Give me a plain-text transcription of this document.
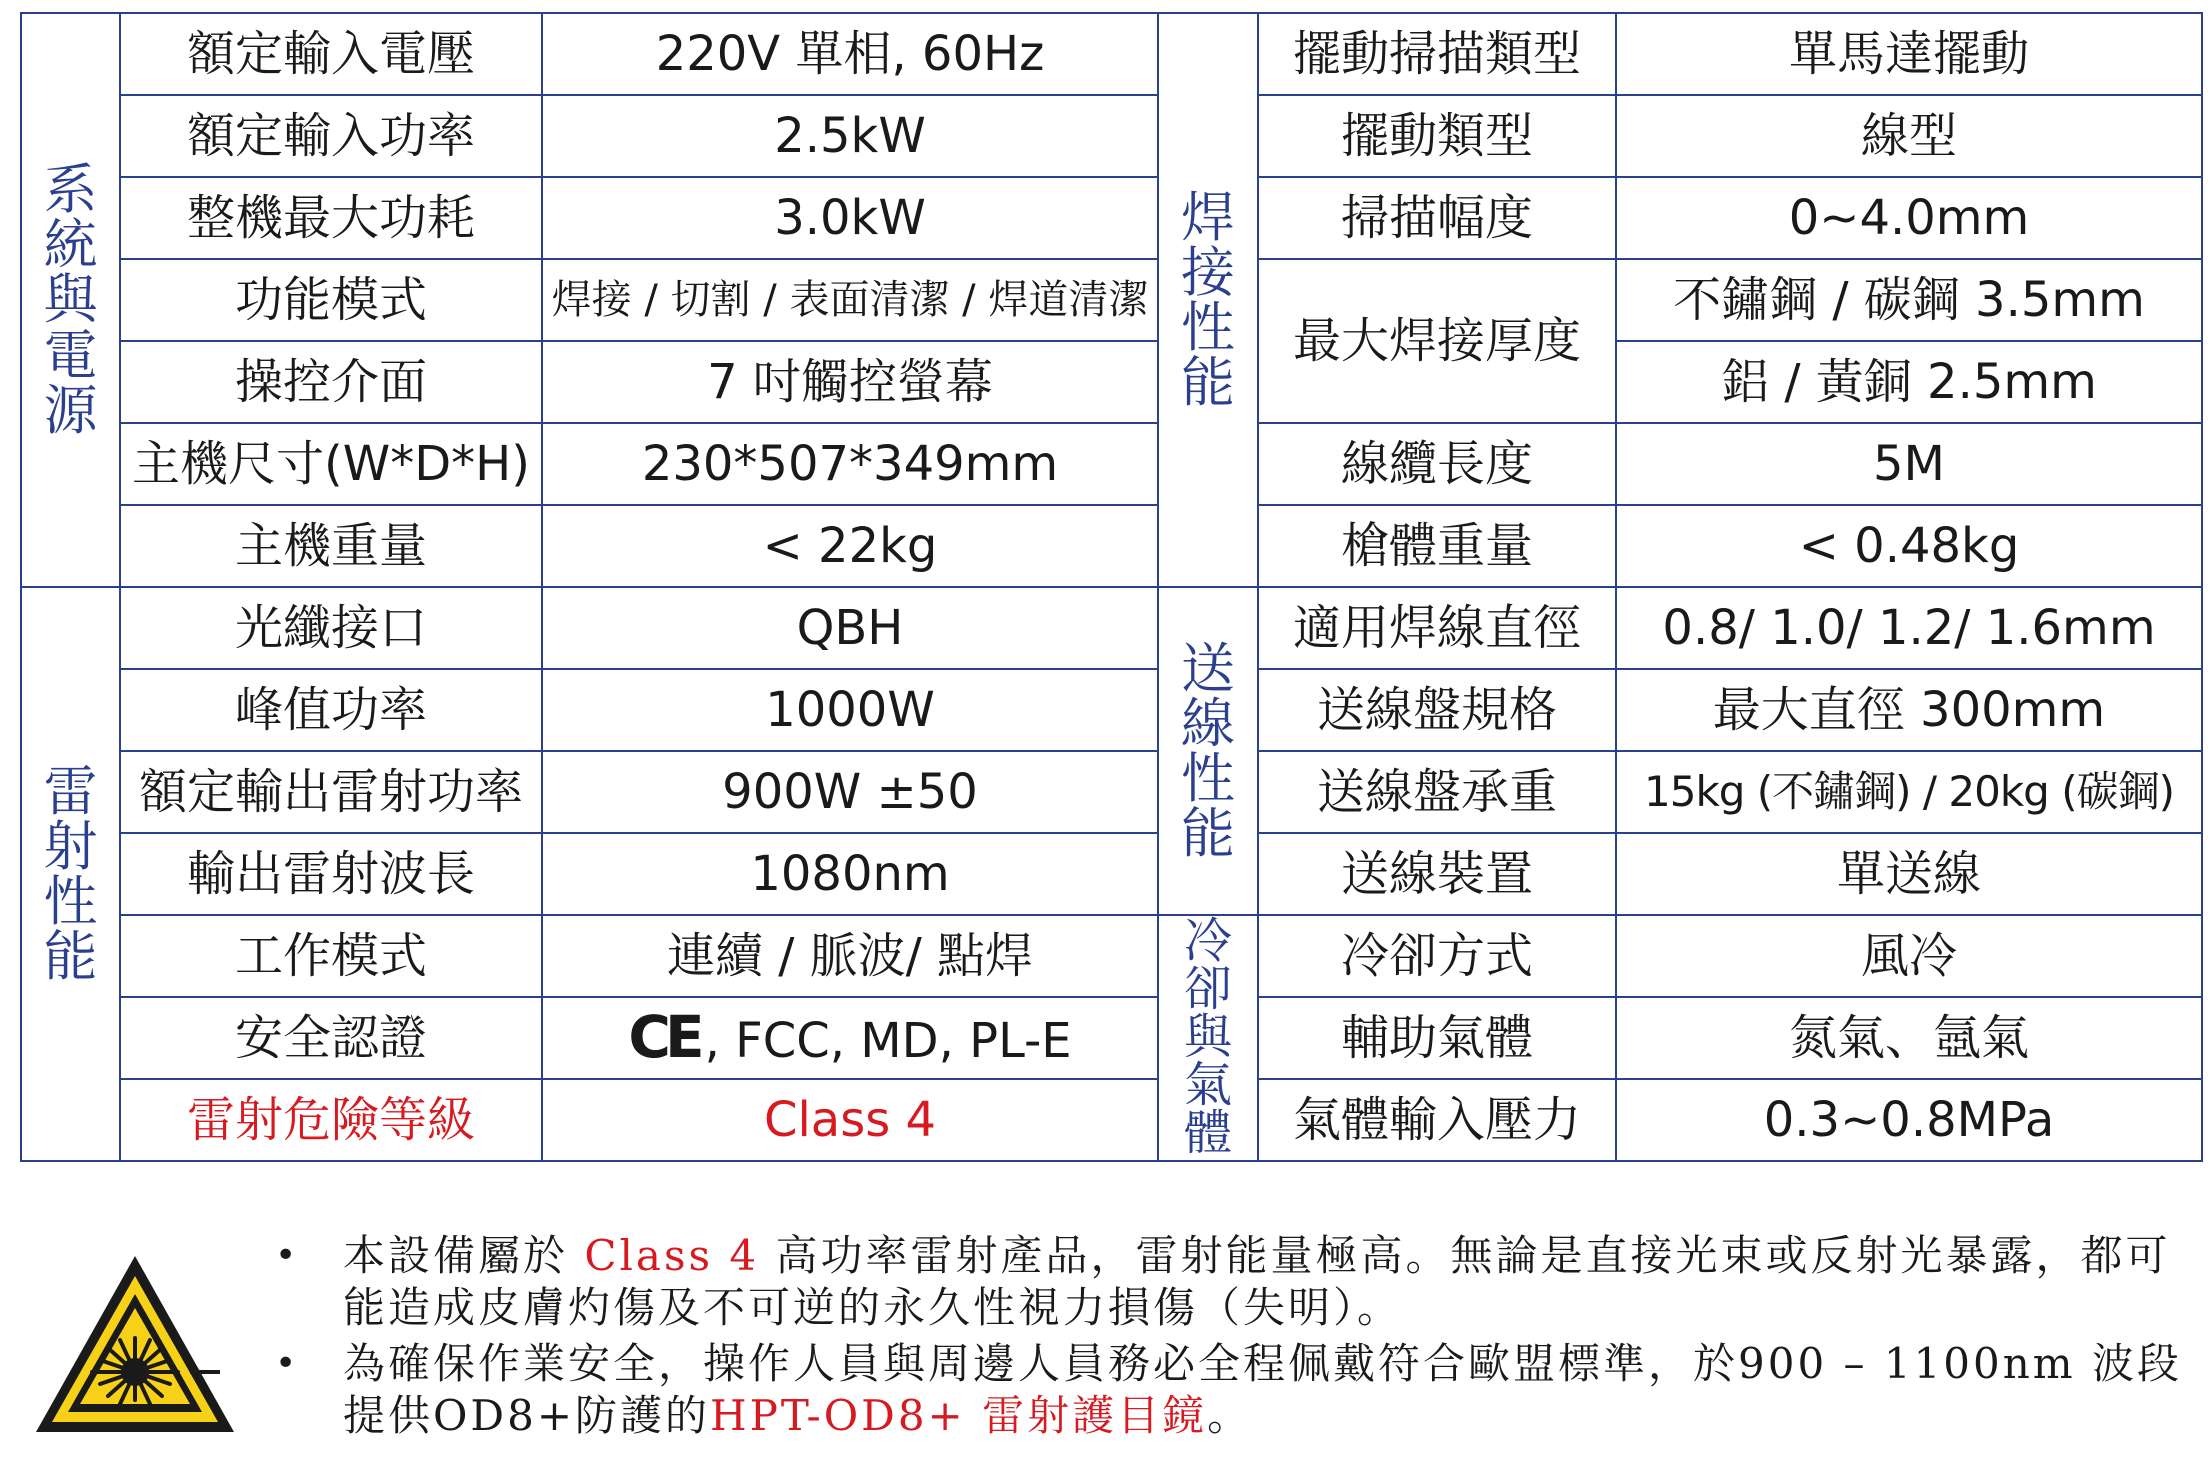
系統與電源	額定輸入電壓	220V 單相, 60Hz	焊接性能	擺動掃描類型	單馬達擺動
	額定輸入功率	2.5kW		擺動類型	線型
	整機最大功耗	3.0kW		掃描幅度	0~4.0mm
	功能模式	焊接 / 切割 / 表面清潔 / 焊道清潔		最大焊接厚度	不鏽鋼 / 碳鋼 3.5mm
	操控介面	7 吋觸控螢幕			鋁 / 黃銅 2.5mm
	主機尺寸(W*D*H)	230*507*349mm		線纜長度	5M
	主機重量	< 22kg		槍體重量	< 0.48kg
雷射性能	光纖接口	QBH	送線性能	適用焊線直徑	0.8/ 1.0/ 1.2/ 1.6mm
	峰值功率	1000W		送線盤規格	最大直徑 300mm
	額定輸出雷射功率	900W ±50		送線盤承重	15kg (不鏽鋼) / 20kg (碳鋼)
	輸出雷射波長	1080nm		送線裝置	單送線
	工作模式	連續 / 脈波/ 點焊	冷卻與氣體	冷卻方式	風冷
	安全認證	CE , FCC, MD, PL-E		輔助氣體	氮氣、氬氣
	雷射危險等級	Class 4		氣體輸入壓力	0.3~0.8MPa
• 本設備屬於 Class 4 高功率雷射產品，雷射能量極高。無論是直接光束或反射光暴露，都可能造成皮膚灼傷及不可逆的永久性視力損傷（失明）。
• 為確保作業安全，操作人員與周邊人員務必全程佩戴符合歐盟標準，於900 – 1100nm 波段提供OD8+防護的HPT-OD8+ 雷射護目鏡。
